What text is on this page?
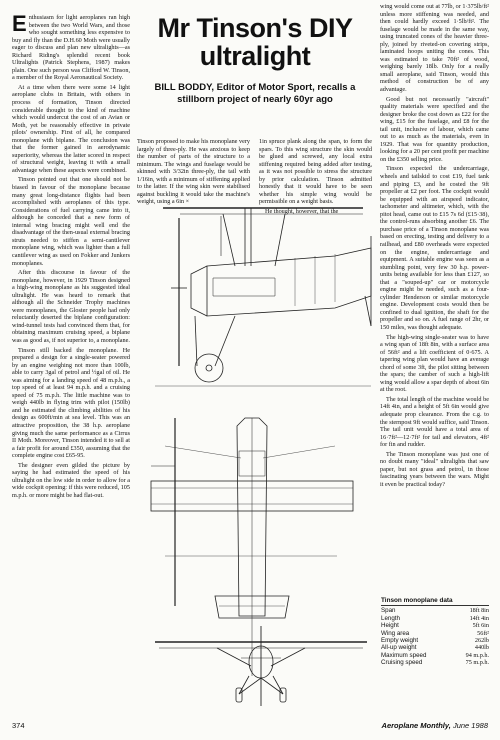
Enthusiasm for light aeroplanes ran high between the two World Wars, and those who sought something less expensive to buy and fly than the D.H.60 Moth were usually eager to discuss and plan new ultralights—as Richard Riding's splendid recent book Ultralights (Patrick Stephens, 1987) makes plain. One such person was Clifford W. Tinson, a member of the Royal Aeronautical Society.

At a time when there were some 14 light aeroplane clubs in Britain, with others in process of formation, Tinson directed considerable thought to the kind of machine which would undercut the cost of an Avian or Moth, yet be reasonably effective in private pilots' ownership. First of all, he compared monoplane with biplane. The conclusion was that the former gained in aerodynamic superiority, whereas the latter scored in respect of structural weight, leaving it with a small advantage when these aspects were combined.

Tinson pointed out that one should not be biased in favour of the monoplane because many great long-distance flights had been accomplished with aeroplanes of this type. Considerations of fuel carrying came into it, although he conceded that a new form of internal wing bracing might well end the disadvantage of the then-usual external bracing struts needed to stiffen a semi-cantilever monoplane wing, which was lighter than a full cantilever wing as used on Fokker and Junkers monoplanes.

After this discourse in favour of the monoplane, however, in 1929 Tinson designed a high-wing monoplane as his suggested ideal ultralight. He was heard to remark that although all the Schneider Trophy machines were monoplanes, the Gloster people had only reluctantly deserted the biplane configuration: wind-tunnel tests had convinced them that, for obtaining maximum cruising speed, a biplane was as good as, if not superior to, a monoplane.

Tinson still backed the monoplane. He prepared a design for a single-seater powered by an engine weighing not more than 100lb, able to carry 3gal of petrol and ½gal of oil. He was aiming for a landing speed of 48 m.p.h., a top speed of at least 94 m.p.h. and a cruising speed of 75 m.p.h. The little machine was to weigh 440lb in flying trim with pilot (150lb) and he estimated the climbing abilities of his design as 600ft/min at sea level. This was an attractive proposition, the 38 h.p. aeroplane giving much the same performance as a Cirrus II Moth. Moreover, Tinson intended it to sell at a fair profit for around £350, assuming that the complete engine cost £65-95.

The designer even gilded the picture by saying he had estimated the speed of his ultralight on the low side in order to allow for a wide cockpit opening: if this were reduced, 105 m.p.h. or more might be had flat-out.

Mr Tinson's DIY ultralight
BILL BODDY, Editor of Motor Sport, recalls a stillborn project of nearly 60yr ago

Tinson proposed to make his monoplane very largely of three-ply. He was anxious to keep the number of parts of the structure to a minimum. The wings and fuselage would be skinned with 3/32in three-ply, the tail with 1/16in, with a minimum of stiffening applied to the latter. If the wing skin were stabilised against buckling it would take the machine's weight, using a 6in ×

1in spruce plank along the span, to form the spars. To this wing structure the skin would be glued and screwed, any local extra stiffening required being added after testing, as it was not possible to stress the structure by prior calculation. Tinson admitted honestly that it would have to be seen whether his simple wing would be permissible on a weight basis.

He thought, however, that the

wing would come out at 77lb, or 1·375lb/ft² unless more stiffening was needed, and then could hardly exceed 1·5lb/ft². The fuselage would be made in the same way, using truncated cones of the heavier three-ply, joined by riveted-on covering strips, laminated hoops uniting the cones. This was estimated to take 70ft² of wood, weighing barely 18lb. Only for a really small aeroplane, said Tinson, would this method of construction be of any advantage.

Good but not necessarily "aircraft" quality materials were specified and the designer broke the cost down as £22 for the wing, £15 for the fuselage, and £8 for the tail unit, inclusive of labour, which came out to as much as the materials, even in 1929. That was for quantity production, looking for a 20 per cent profit per machine on the £350 selling price.

Tinson expected the undercarriage, wheels and tailskid to cost £19, fuel tank and piping £3, and he costed the 9ft propeller at £2 per foot. The cockpit would be equipped with an airspeed indicator, tachometer and altimeter, which, with the pitot head, came out to £15 7s 6d (£15·38), the control-runs absorbing another £6. The purchase price of a Tinson monoplane was based on erecting, testing and delivery to a railhead, and £80 overheads were expected on the engine, undercarriage and equipment. A suitable engine was seen as a stumbling point, very few 30 h.p. power-units being available for less than £127, so that a "souped-up" car or motorcycle engine might be needed, such as a four-cylinder Henderson or similar motorcycle engine. Development costs would then be confined to dual ignition, the shaft for the propeller and so on. A fuel range of 2hr, or 150 miles, was thought adequate.

The high-wing single-seater was to have a wing span of 18ft 8in, with a surface area of 56ft² and a lift coefficient of 0·675. A tapering wing plan would have an average chord of some 3ft, the pilot sitting between the spars; the camber of such a high-lift wing would allow a spar depth of about 6in at the root.

The total length of the machine would be 14ft 4in, and a height of 5ft 6in would give adequate prop clearance. From the c.g. to the sternpost 9ft would suffice, said Tinson. The tail unit would have a total area of 16·7ft²—12·7ft² for tail and elevators, 4ft² for fin and rudder.

The Tinson monoplane was just one of no doubt many "ideal" ultralights that saw paper, but not grass and petrol, in those fascinating years between the wars. Might it even be practical today?

Tinson monoplane data
Span	18ft 8in
Length	14ft 4in
Height	5ft 6in
Wing area	56ft²
Empty weight	262lb
All-up weight	440lb
Maximum speed	94 m.p.h.
Cruising speed	75 m.p.h.
374	Aeroplane Monthly, June 1988
